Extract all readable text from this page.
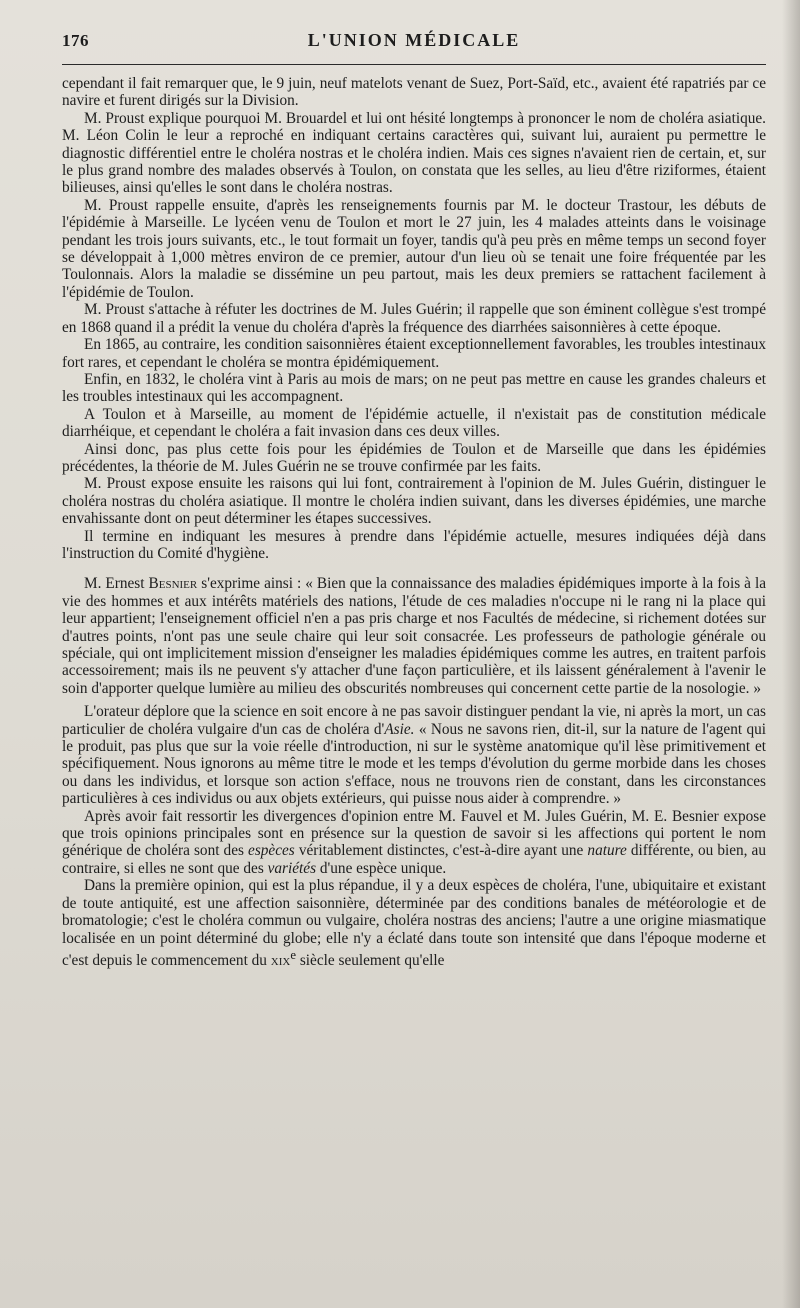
176	L'UNION MÉDICALE

cependant il fait remarquer que, le 9 juin, neuf matelots venant de Suez, Port-Saïd, etc., avaient été rapatriés par ce navire et furent dirigés sur la Division.

M. Proust explique pourquoi M. Brouardel et lui ont hésité longtemps à prononcer le nom de choléra asiatique. M. Léon Colin le leur a reproché en indiquant certains caractères qui, suivant lui, auraient pu permettre le diagnostic différentiel entre le choléra nostras et le choléra indien. Mais ces signes n'avaient rien de certain, et, sur le plus grand nombre des malades observés à Toulon, on constata que les selles, au lieu d'être riziformes, étaient bilieuses, ainsi qu'elles le sont dans le choléra nostras.

M. Proust rappelle ensuite, d'après les renseignements fournis par M. le docteur Trastour, les débuts de l'épidémie à Marseille. Le lycéen venu de Toulon et mort le 27 juin, les 4 malades atteints dans le voisinage pendant les trois jours suivants, etc., le tout formait un foyer, tandis qu'à peu près en même temps un second foyer se développait à 1,000 mètres environ de ce premier, autour d'un lieu où se tenait une foire fréquentée par les Toulonnais. Alors la maladie se dissémine un peu partout, mais les deux premiers se rattachent facilement à l'épidémie de Toulon.

M. Proust s'attache à réfuter les doctrines de M. Jules Guérin; il rappelle que son éminent collègue s'est trompé en 1868 quand il a prédit la venue du choléra d'après la fréquence des diarrhées saisonnières à cette époque.

En 1865, au contraire, les condition saisonnières étaient exceptionnellement favorables, les troubles intestinaux fort rares, et cependant le choléra se montra épidémiquement.

Enfin, en 1832, le choléra vint à Paris au mois de mars; on ne peut pas mettre en cause les grandes chaleurs et les troubles intestinaux qui les accompagnent.

A Toulon et à Marseille, au moment de l'épidémie actuelle, il n'existait pas de constitution médicale diarrhéique, et cependant le choléra a fait invasion dans ces deux villes.

Ainsi donc, pas plus cette fois pour les épidémies de Toulon et de Marseille que dans les épidémies précédentes, la théorie de M. Jules Guérin ne se trouve confirmée par les faits.

M. Proust expose ensuite les raisons qui lui font, contrairement à l'opinion de M. Jules Guérin, distinguer le choléra nostras du choléra asiatique. Il montre le choléra indien suivant, dans les diverses épidémies, une marche envahissante dont on peut déterminer les étapes successives.

Il termine en indiquant les mesures à prendre dans l'épidémie actuelle, mesures indiquées déjà dans l'instruction du Comité d'hygiène.

M. Ernest Besnier s'exprime ainsi : « Bien que la connaissance des maladies épidémiques importe à la fois à la vie des hommes et aux intérêts matériels des nations, l'étude de ces maladies n'occupe ni le rang ni la place qui leur appartient; l'enseignement officiel n'en a pas pris charge et nos Facultés de médecine, si richement dotées sur d'autres points, n'ont pas une seule chaire qui leur soit consacrée. Les professeurs de pathologie générale ou spéciale, qui ont implicitement mission d'enseigner les maladies épidémiques comme les autres, en traitent parfois accessoirement; mais ils ne peuvent s'y attacher d'une façon particulière, et ils laissent généralement à l'avenir le soin d'apporter quelque lumière au milieu des obscurités nombreuses qui concernent cette partie de la nosologie. »

L'orateur déplore que la science en soit encore à ne pas savoir distinguer pendant la vie, ni après la mort, un cas particulier de choléra vulgaire d'un cas de choléra d'Asie. « Nous ne savons rien, dit-il, sur la nature de l'agent qui le produit, pas plus que sur la voie réelle d'introduction, ni sur le système anatomique qu'il lèse primitivement et spécifiquement. Nous ignorons au même titre le mode et les temps d'évolution du germe morbide dans les choses ou dans les individus, et lorsque son action s'efface, nous ne trouvons rien de constant, dans les circonstances particulières à ces individus ou aux objets extérieurs, qui puisse nous aider à comprendre. »

Après avoir fait ressortir les divergences d'opinion entre M. Fauvel et M. Jules Guérin, M. E. Besnier expose que trois opinions principales sont en présence sur la question de savoir si les affections qui portent le nom générique de choléra sont des espèces véritablement distinctes, c'est-à-dire ayant une nature différente, ou bien, au contraire, si elles ne sont que des variétés d'une espèce unique.

Dans la première opinion, qui est la plus répandue, il y a deux espèces de choléra, l'une, ubiquitaire et existant de toute antiquité, est une affection saisonnière, déterminée par des conditions banales de météorologie et de bromatologie; c'est le choléra commun ou vulgaire, choléra nostras des anciens; l'autre a une origine miasmatique localisée en un point déterminé du globe; elle n'y a éclaté dans toute son intensité que dans l'époque moderne et c'est depuis le commencement du xix$^e$ siècle seulement qu'elle
